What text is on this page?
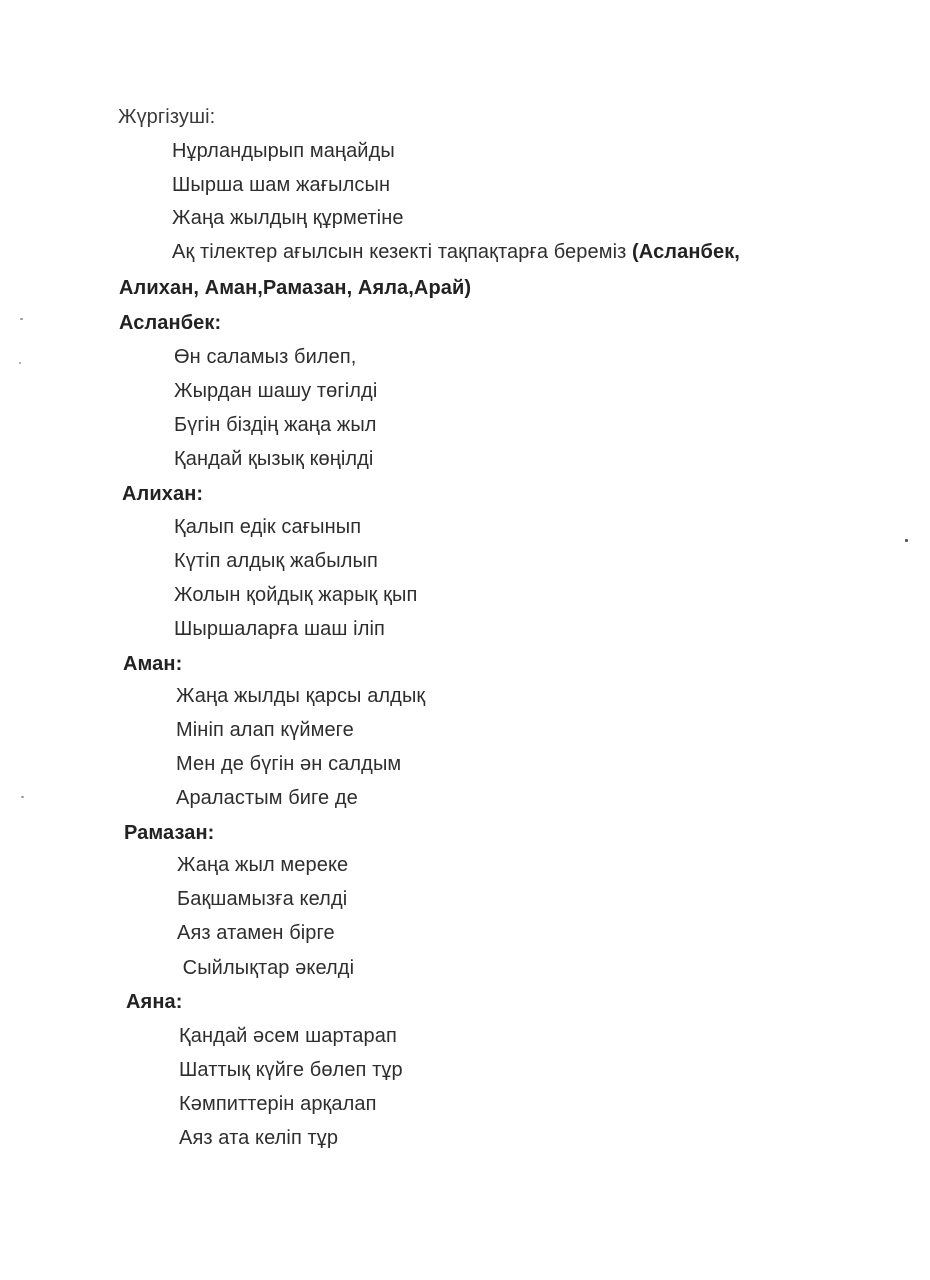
Жүргізуші:
Нұрландырып маңайды
Шырша шам жағылсын
Жаңа жылдың құрметіне
Ақ тілектер ағылсын кезекті тақпақтарға береміз (Асланбек,
Алихан, Аман,Рамазан, Аяла,Арай)
Асланбек:
Өн саламыз билеп,
Жырдан шашу төгілді
Бүгін біздің жаңа жыл
Қандай қызық көңілді
Алихан:
Қалып едік сағынып
Күтіп алдық жабылып
Жолын қойдық жарық қып
Шыршаларға шаш іліп
Аман:
Жаңа жылды қарсы алдық
Мініп алап күймеге
Мен де бүгін ән салдым
Араластым биге де
Рамазан:
Жаңа жыл мереке
Бақшамызға келді
Аяз атамен бірге
Сыйлықтар әкелді
Аяна:
Қандай әсем шартарап
Шаттық күйге бөлеп тұр
Кәмпиттерін арқалап
Аяз ата келіп тұр
